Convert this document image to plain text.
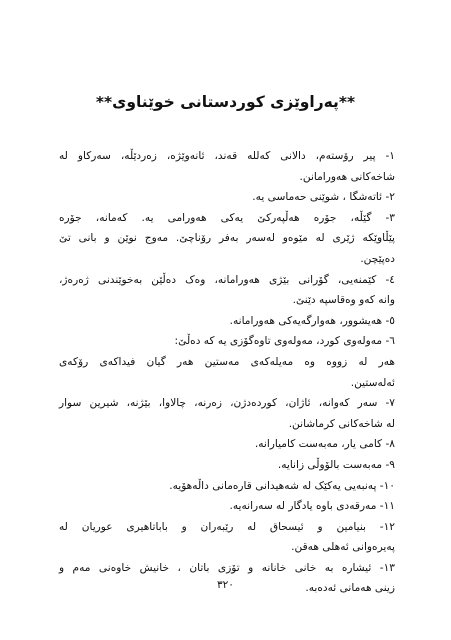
**پەراوێزی کوردستانی خوێناوی**
١- پیر رۆستەم، دالانی کەللە قەند، ئانەوێژە، زەردێڵە، سەرکاو لە
شاخەکانی هەورامانن.
٢- ئاتەشگا ، شوێنی حەماسی یە.
٣- گێڵە، جۆرە هەڵپەرکێ یەکی هەورامی یە. کەمانە، جۆرە
پێڵاوێکە ژێری لە مێوەو لەسەر بەفر رۆناچێ. مەوج نوێن و بانی تێ
دەپێچن.
٤- کێمنەیی، گۆرانی بێژی هەورامانە، وەک دەڵێن بەخوێندنی ژەرەژ،
وانە کەو وەقاسپە دێنێ.
٥- هەیشوور، هەوارگەیەکی هەورامانە.
٦- مەولەوی کورد، مەولەوی تاوەگۆزی یە کە دەڵێ:
هەر لە زووە وە مەیلەکەی مەستین هەر گیان فیداکەی رۆکەی
ئەلەستین.
٧- سەر کەوانە، ئاژان، کوردەدژن، زەرنە، چالاوا، بێژنە، شیرین سوار
لە شاخەکانی کرماشانن.
٨- کامی یار، مەبەست کامیارانە.
٩- مەبەست بالۆوڵی زانایە.
١٠- پەنبەیی یەکێک لە شەهیدانی قارەمانی داڵەهۆیە.
١١- مەرقەدی باوە یادگار لە سەرانەیە.
١٢- بنیامین و ئیسحاق لە رێبەران و باباتاهیری عوریان لە
پەیرەوانی ئەهلی هەقن.
١٣- ئیشارە بە خانی خانانە و تۆزی باتان ، خانیش خاوەنی مەم و
زینی هەمانی ئەدەبە.
٣٢٠
